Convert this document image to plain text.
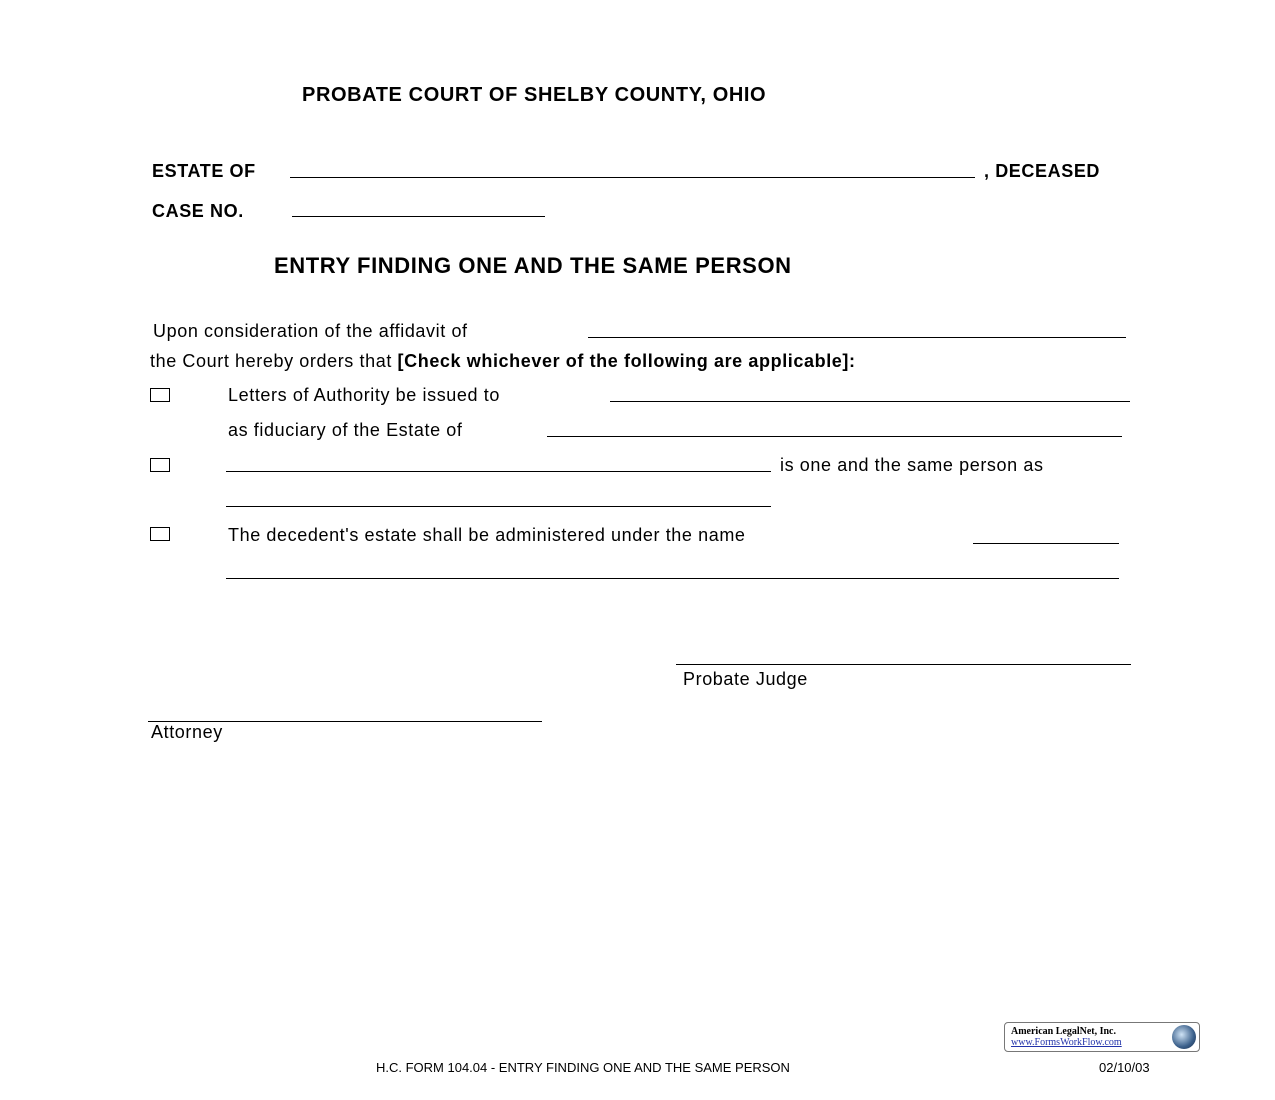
PROBATE COURT OF SHELBY COUNTY, OHIO
ESTATE OF	, DECEASED
CASE NO.
ENTRY FINDING ONE AND THE SAME PERSON
Upon consideration of the affidavit of
the Court hereby orders that [Check whichever of the following are applicable]:
Letters of Authority be issued to
as fiduciary of the Estate of
is one and the same person as
The decedent's estate shall be administered under the name
Probate Judge
Attorney
American LegalNet, Inc.
www.FormsWorkFlow.com
H.C. FORM 104.04 - ENTRY FINDING ONE AND THE SAME PERSON	02/10/03
